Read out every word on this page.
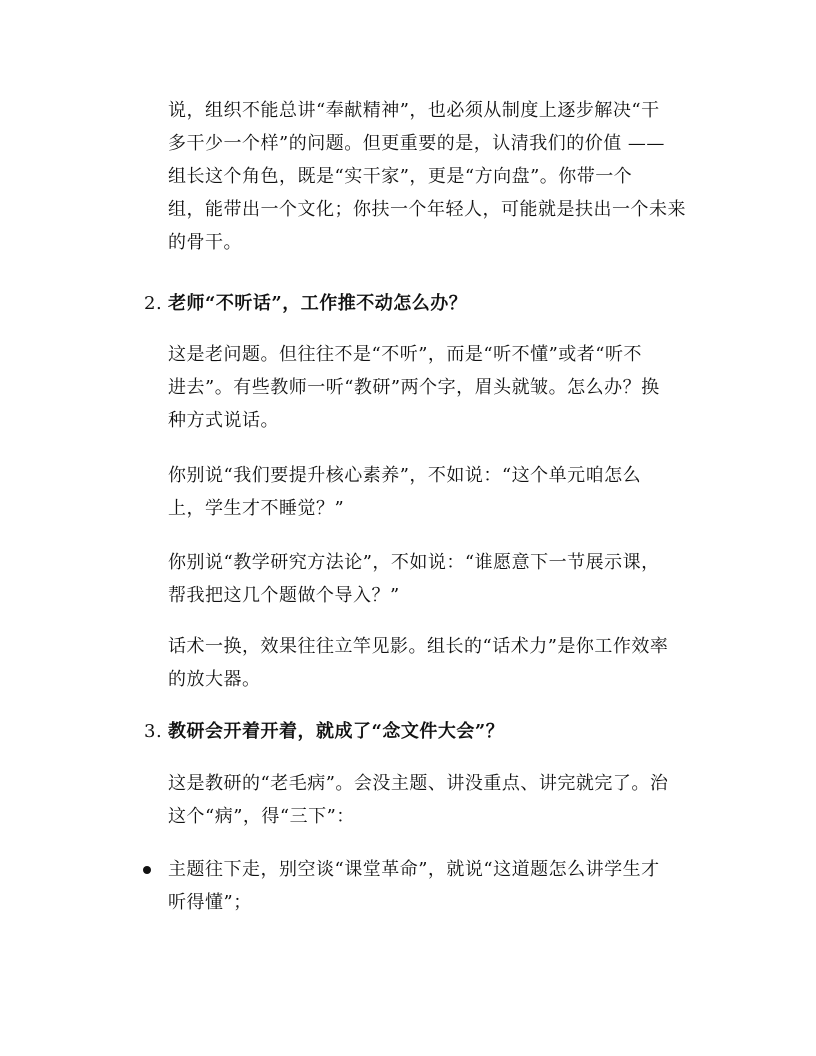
说，组织不能总讲“奉献精神”，也必须从制度上逐步解决“干
多干少一个样”的问题。但更重要的是，认清我们的价值 ——
组长这个角色，既是“实干家”，更是“方向盘”。你带一个
组，能带出一个文化；你扶一个年轻人，可能就是扶出一个未来
的骨干。
2. 老师“不听话”，工作推不动怎么办？
这是老问题。但往往不是“不听”，而是“听不懂”或者“听不
进去”。有些教师一听“教研”两个字，眉头就皱。怎么办？换
种方式说话。
你别说“我们要提升核心素养”，不如说：“这个单元咱怎么
上，学生才不睡觉？”
你别说“教学研究方法论”，不如说：“谁愿意下一节展示课，
帮我把这几个题做个导入？”
话术一换，效果往往立竿见影。组长的“话术力”是你工作效率
的放大器。
3. 教研会开着开着，就成了“念文件大会”？
这是教研的“老毛病”。会没主题、讲没重点、讲完就完了。治
这个“病”，得“三下”：
主题往下走，别空谈“课堂革命”，就说“这道题怎么讲学生才
听得懂”；
